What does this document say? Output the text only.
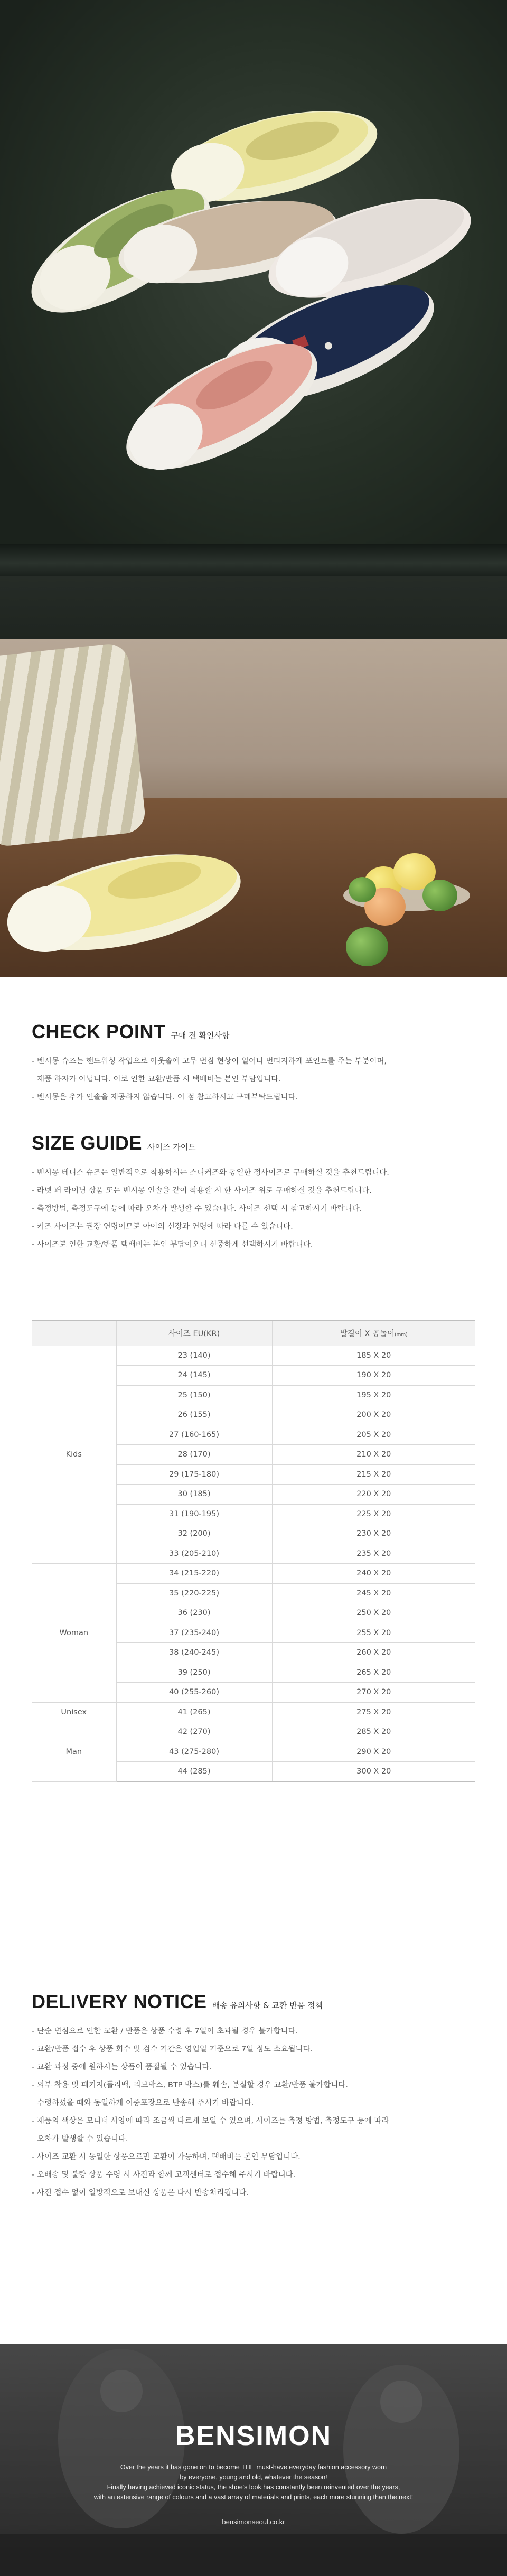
CHECK POINT 구매 전 확인사항
- 벤시몽 슈즈는 핸드워싱 작업으로 아웃솔에 고무 번짐 현상이 일어나 번티지하게 포인트를 주는 부분이며,
제품 하자가 아닙니다. 이로 인한 교환/반품 시 택배비는 본인 부담입니다.
- 벤시몽은 추가 인솔을 제공하지 않습니다. 이 점 참고하시고 구매부탁드립니다.
SIZE GUIDE 사이즈 가이드
- 벤시몽 테니스 슈즈는 일반적으로 착용하시는 스니커즈와 동일한 정사이즈로 구매하실 것을 추천드립니다.
- 라넷 퍼 라이닝 상품 또는 벤시몽 인솔을 같이 착용할 시 한 사이즈 위로 구매하실 것을 추천드립니다.
- 측정방법, 측정도구에 등에 따라 오차가 발생할 수 있습니다. 사이즈 선택 시 참고하시기 바랍니다.
- 키즈 사이즈는 권장 연령이므로 아이의 신장과 연령에 따라 다를 수 있습니다.
- 사이즈로 인한 교환/반품 택배비는 본인 부담이오니 신중하게 선택하시기 바랍니다.
	사이즈 EU(KR)	발길이 X 공놀이(mm)
Kids	23 (140)	185 X 20
	24 (145)	190 X 20
	25 (150)	195 X 20
	26 (155)	200 X 20
	27 (160-165)	205 X 20
	28 (170)	210 X 20
	29 (175-180)	215 X 20
	30 (185)	220 X 20
	31 (190-195)	225 X 20
	32 (200)	230 X 20
	33 (205-210)	235 X 20
Woman	34 (215-220)	240 X 20
	35 (220-225)	245 X 20
	36 (230)	250 X 20
	37 (235-240)	255 X 20
	38 (240-245)	260 X 20
	39 (250)	265 X 20
	40 (255-260)	270 X 20
Unisex	41 (265)	275 X 20
Man	42 (270)	285 X 20
	43 (275-280)	290 X 20
	44 (285)	300 X 20
DELIVERY NOTICE 배송 유의사항 & 교환 반품 정책
- 단순 변심으로 인한 교환 / 반품은 상품 수령 후 7일이 초과될 경우 불가합니다.
- 교환/반품 접수 후 상품 회수 및 검수 기간은 영업일 기준으로 7일 정도 소요됩니다.
- 교환 과정 중에 원하시는 상품이 품절될 수 있습니다.
- 외부 착용 및 패키지(폴리백, 리브박스, BTP 박스)를 훼손, 분실할 경우 교환/반품 불가합니다.
수령하셨을 때와 동일하게 이중포장으로 반송해 주시기 바랍니다.
- 제품의 색상은 모니터 사양에 따라 조금씩 다르게 보일 수 있으며, 사이즈는 측정 방법, 측정도구 등에 따라
오차가 발생할 수 있습니다.
- 사이즈 교환 시 동일한 상품으로만 교환이 가능하며, 택배비는 본인 부담입니다.
- 오배송 및 불량 상품 수령 시 사진과 함께 고객센터로 접수해 주시기 바랍니다.
- 사전 접수 없이 일방적으로 보내신 상품은 다시 반송처리됩니다.
BENSIMON
Over the years it has gone on to become THE must-have everyday fashion accessory worn
by everyone, young and old, whatever the season!
Finally having achieved iconic status, the shoe's look has constantly been reinvented over the years,
with an extensive range of colours and a vast array of materials and prints, each more stunning than the next!
bensimonseoul.co.kr
